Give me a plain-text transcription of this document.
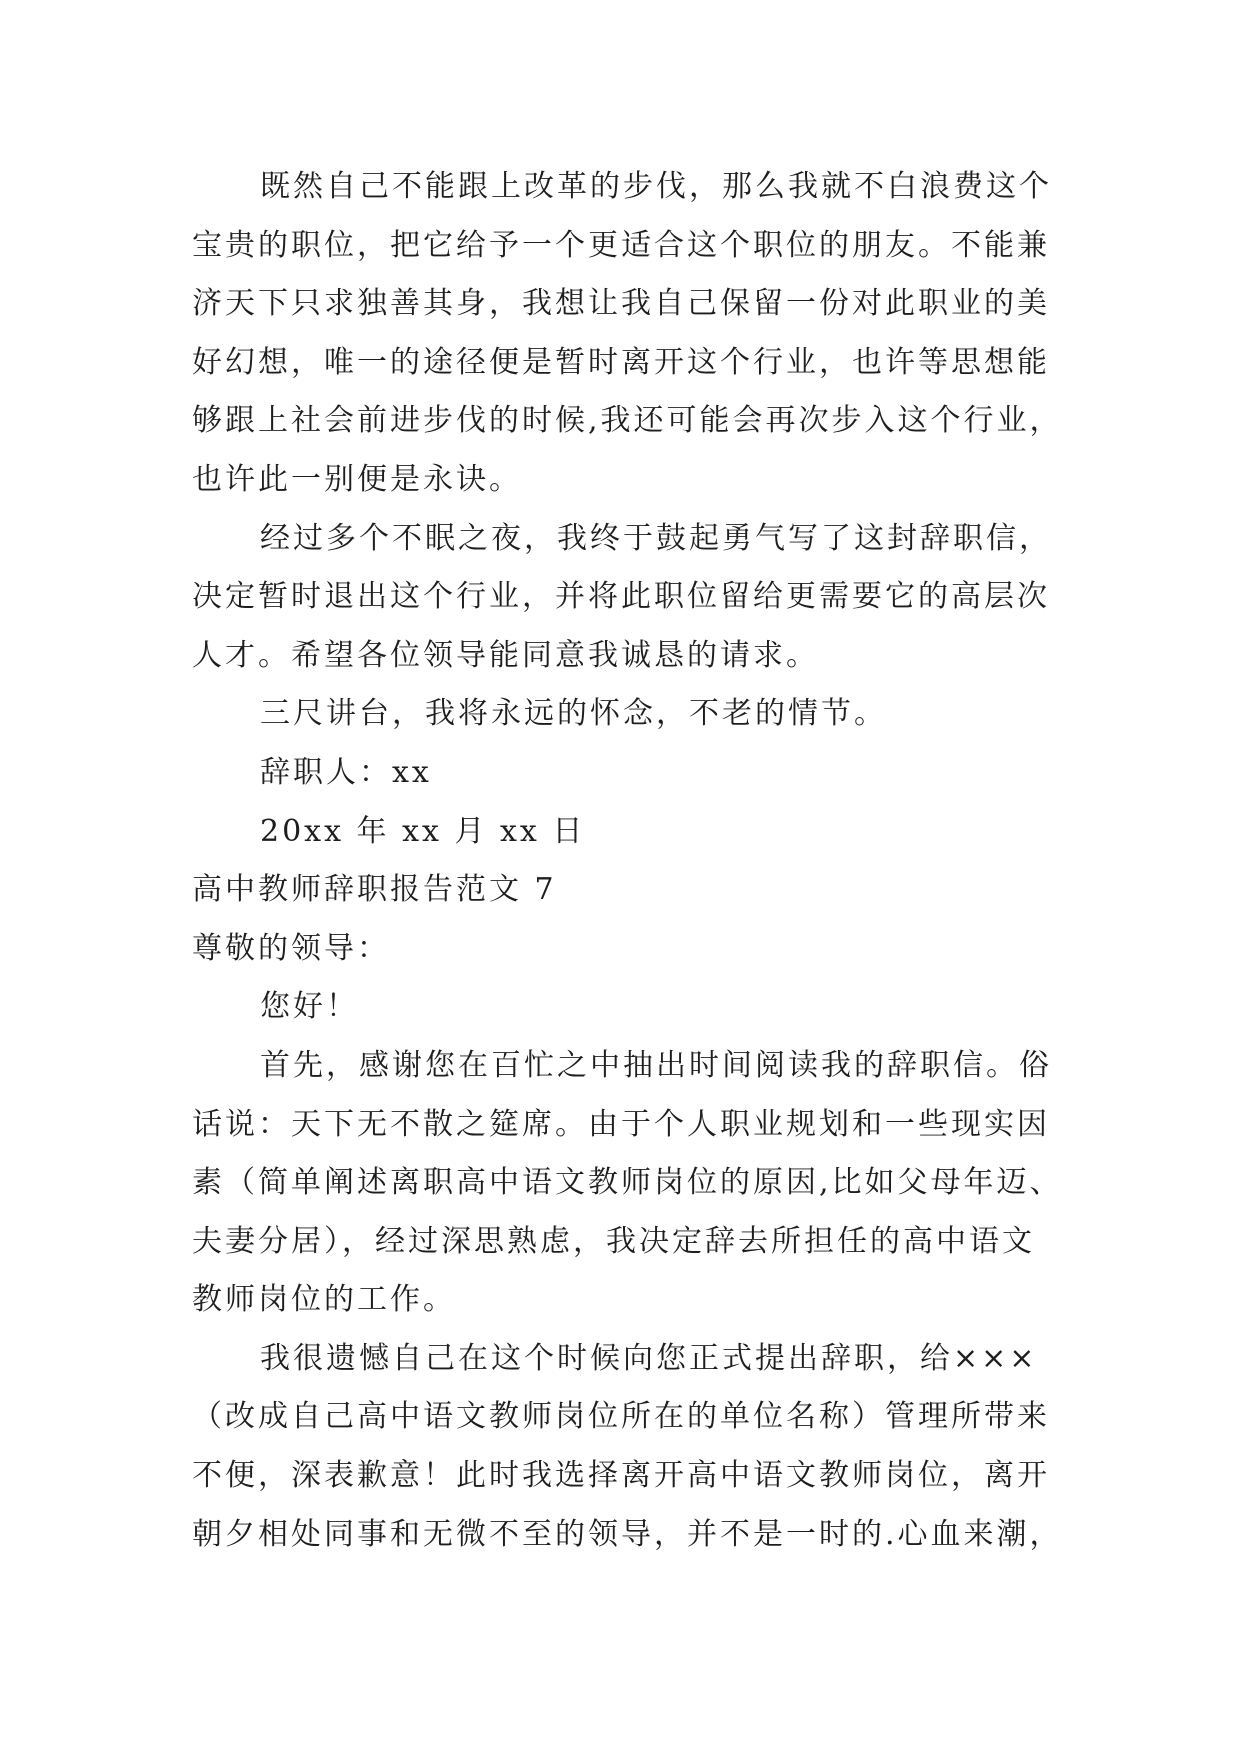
既然自己不能跟上改革的步伐，那么我就不白浪费这个
宝贵的职位，把它给予一个更适合这个职位的朋友。不能兼
济天下只求独善其身，我想让我自己保留一份对此职业的美
好幻想，唯一的途径便是暂时离开这个行业，也许等思想能
够跟上社会前进步伐的时候,我还可能会再次步入这个行业，
也许此一别便是永诀。
经过多个不眠之夜，我终于鼓起勇气写了这封辞职信，
决定暂时退出这个行业，并将此职位留给更需要它的高层次
人才。希望各位领导能同意我诚恳的请求。
三尺讲台，我将永远的怀念，不老的情节。
辞职人：xx
20xx 年 xx 月 xx 日
高中教师辞职报告范文 7
尊敬的领导：
您好！
首先，感谢您在百忙之中抽出时间阅读我的辞职信。俗
话说：天下无不散之筵席。由于个人职业规划和一些现实因
素（简单阐述离职高中语文教师岗位的原因,比如父母年迈、
夫妻分居），经过深思熟虑，我决定辞去所担任的高中语文
教师岗位的工作。
我很遗憾自己在这个时候向您正式提出辞职，给×××
（改成自己高中语文教师岗位所在的单位名称）管理所带来
不便，深表歉意！此时我选择离开高中语文教师岗位，离开
朝夕相处同事和无微不至的领导，并不是一时的.心血来潮，
